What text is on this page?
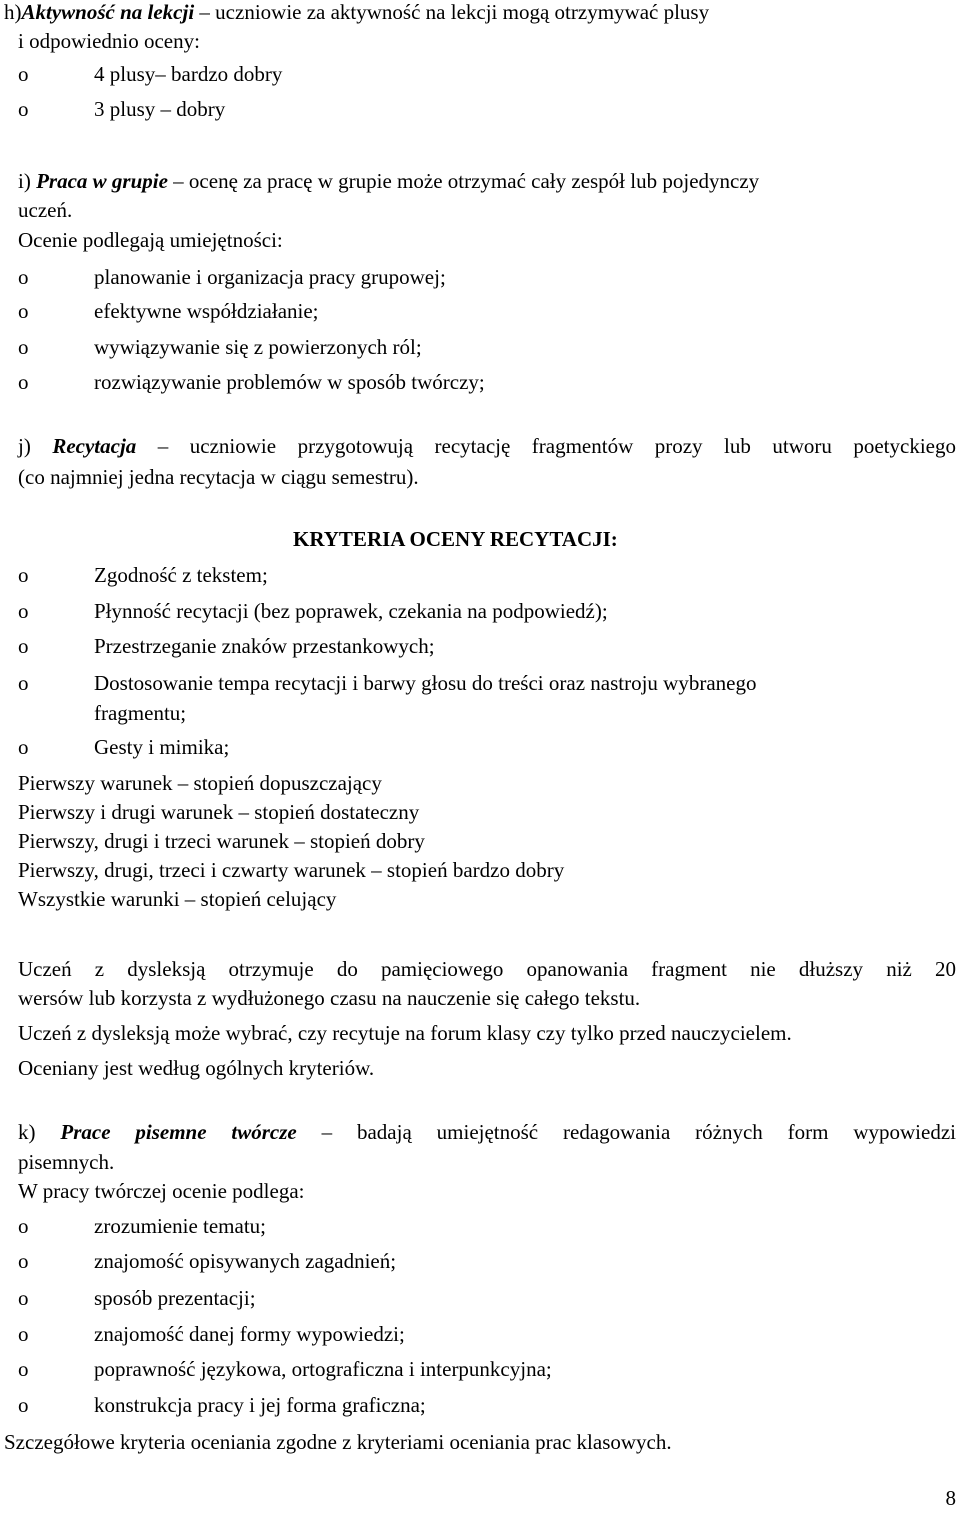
h)Aktywność na lekcji – uczniowie za aktywność na lekcji mogą otrzymywać plusy
i odpowiednio oceny:
o	4 plusy– bardzo dobry
o	3 plusy – dobry
i) Praca w grupie – ocenę za pracę w grupie może otrzymać cały zespół lub pojedynczy
uczeń.
Ocenie podlegają umiejętności:
o	planowanie i organizacja pracy grupowej;
o	efektywne współdziałanie;
o	wywiązywanie się z powierzonych ról;
o	rozwiązywanie problemów w sposób twórczy;
j) Recytacja – uczniowie przygotowują recytację fragmentów prozy lub utworu poetyckiego
(co najmniej jedna recytacja w ciągu semestru).
KRYTERIA OCENY RECYTACJI:
o	Zgodność z tekstem;
o	Płynność recytacji (bez poprawek, czekania na podpowiedź);
o	Przestrzeganie znaków przestankowych;
o	Dostosowanie tempa recytacji i barwy głosu do treści oraz nastroju wybranego
fragmentu;
o	Gesty i mimika;
Pierwszy warunek – stopień dopuszczający
Pierwszy i drugi warunek – stopień dostateczny
Pierwszy, drugi i trzeci warunek – stopień dobry
Pierwszy, drugi, trzeci i czwarty warunek – stopień bardzo dobry
Wszystkie warunki – stopień celujący
Uczeń z dysleksją otrzymuje do pamięciowego opanowania fragment nie dłuższy niż 20
wersów lub korzysta z wydłużonego czasu na nauczenie się całego tekstu.
Uczeń z dysleksją może wybrać, czy recytuje na forum klasy czy tylko przed nauczycielem.
Oceniany jest według ogólnych kryteriów.
k) Prace pisemne twórcze – badają umiejętność redagowania różnych form wypowiedzi
pisemnych.
W pracy twórczej ocenie podlega:
o	zrozumienie tematu;
o	znajomość opisywanych zagadnień;
o	sposób prezentacji;
o	znajomość danej formy wypowiedzi;
o	poprawność językowa, ortograficzna i interpunkcyjna;
o	konstrukcja pracy i jej forma graficzna;
Szczegółowe kryteria oceniania zgodne z kryteriami oceniania prac klasowych.
8
